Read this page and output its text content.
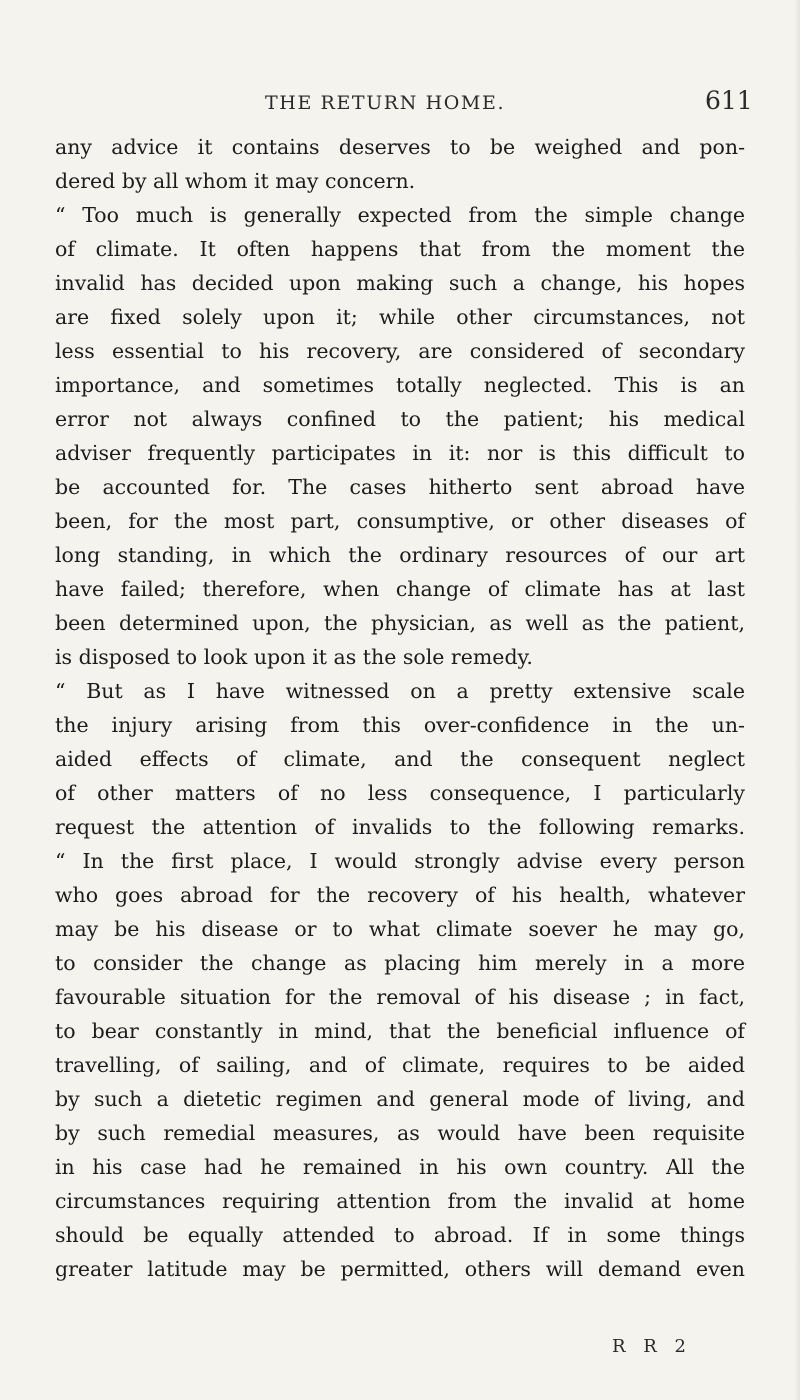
THE RETURN HOME.	611
any advice it contains deserves to be weighed and pon-
dered by all whom it may concern.
“ Too much is generally expected from the simple change
of climate. It often happens that from the moment the
invalid has decided upon making such a change, his hopes
are fixed solely upon it; while other circumstances, not
less essential to his recovery, are considered of secondary
importance, and sometimes totally neglected. This is an
error not always confined to the patient; his medical
adviser frequently participates in it: nor is this difficult to
be accounted for. The cases hitherto sent abroad have
been, for the most part, consumptive, or other diseases of
long standing, in which the ordinary resources of our art
have failed; therefore, when change of climate has at last
been determined upon, the physician, as well as the patient,
is disposed to look upon it as the sole remedy.
“ But as I have witnessed on a pretty extensive scale
the injury arising from this over-confidence in the un-
aided effects of climate, and the consequent neglect
of other matters of no less consequence, I particularly
request the attention of invalids to the following remarks.
“ In the first place, I would strongly advise every person
who goes abroad for the recovery of his health, whatever
may be his disease or to what climate soever he may go,
to consider the change as placing him merely in a more
favourable situation for the removal of his disease ; in fact,
to bear constantly in mind, that the beneficial influence of
travelling, of sailing, and of climate, requires to be aided
by such a dietetic regimen and general mode of living, and
by such remedial measures, as would have been requisite
in his case had he remained in his own country. All the
circumstances requiring attention from the invalid at home
should be equally attended to abroad. If in some things
greater latitude may be permitted, others will demand even
R R 2
